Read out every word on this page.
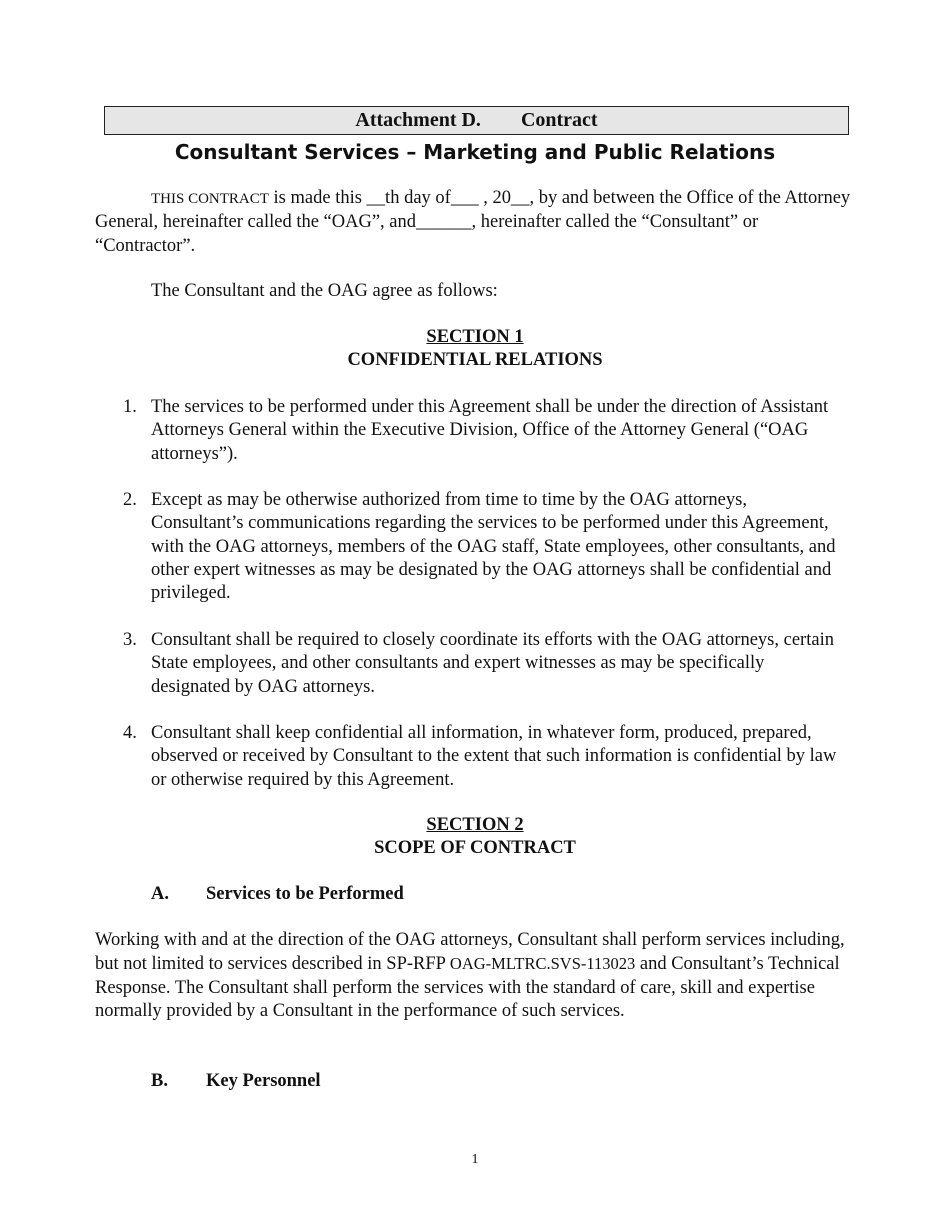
Attachment D. Contract
Consultant Services – Marketing and Public Relations
THIS CONTRACT is made this __th day of___ , 20__, by and between the Office of the Attorney General, hereinafter called the “OAG”, and______, hereinafter called the “Consultant” or “Contractor”.
The Consultant and the OAG agree as follows:
SECTION 1
CONFIDENTIAL RELATIONS
1. The services to be performed under this Agreement shall be under the direction of Assistant Attorneys General within the Executive Division, Office of the Attorney General (“OAG attorneys”).
2. Except as may be otherwise authorized from time to time by the OAG attorneys, Consultant’s communications regarding the services to be performed under this Agreement, with the OAG attorneys, members of the OAG staff, State employees, other consultants, and other expert witnesses as may be designated by the OAG attorneys shall be confidential and privileged.
3. Consultant shall be required to closely coordinate its efforts with the OAG attorneys, certain State employees, and other consultants and expert witnesses as may be specifically designated by OAG attorneys.
4. Consultant shall keep confidential all information, in whatever form, produced, prepared, observed or received by Consultant to the extent that such information is confidential by law or otherwise required by this Agreement.
SECTION 2
SCOPE OF CONTRACT
A. Services to be Performed
Working with and at the direction of the OAG attorneys, Consultant shall perform services including, but not limited to services described in SP-RFP OAG-MLTRC.SVS-113023 and Consultant’s Technical Response. The Consultant shall perform the services with the standard of care, skill and expertise normally provided by a Consultant in the performance of such services.
B. Key Personnel
1
